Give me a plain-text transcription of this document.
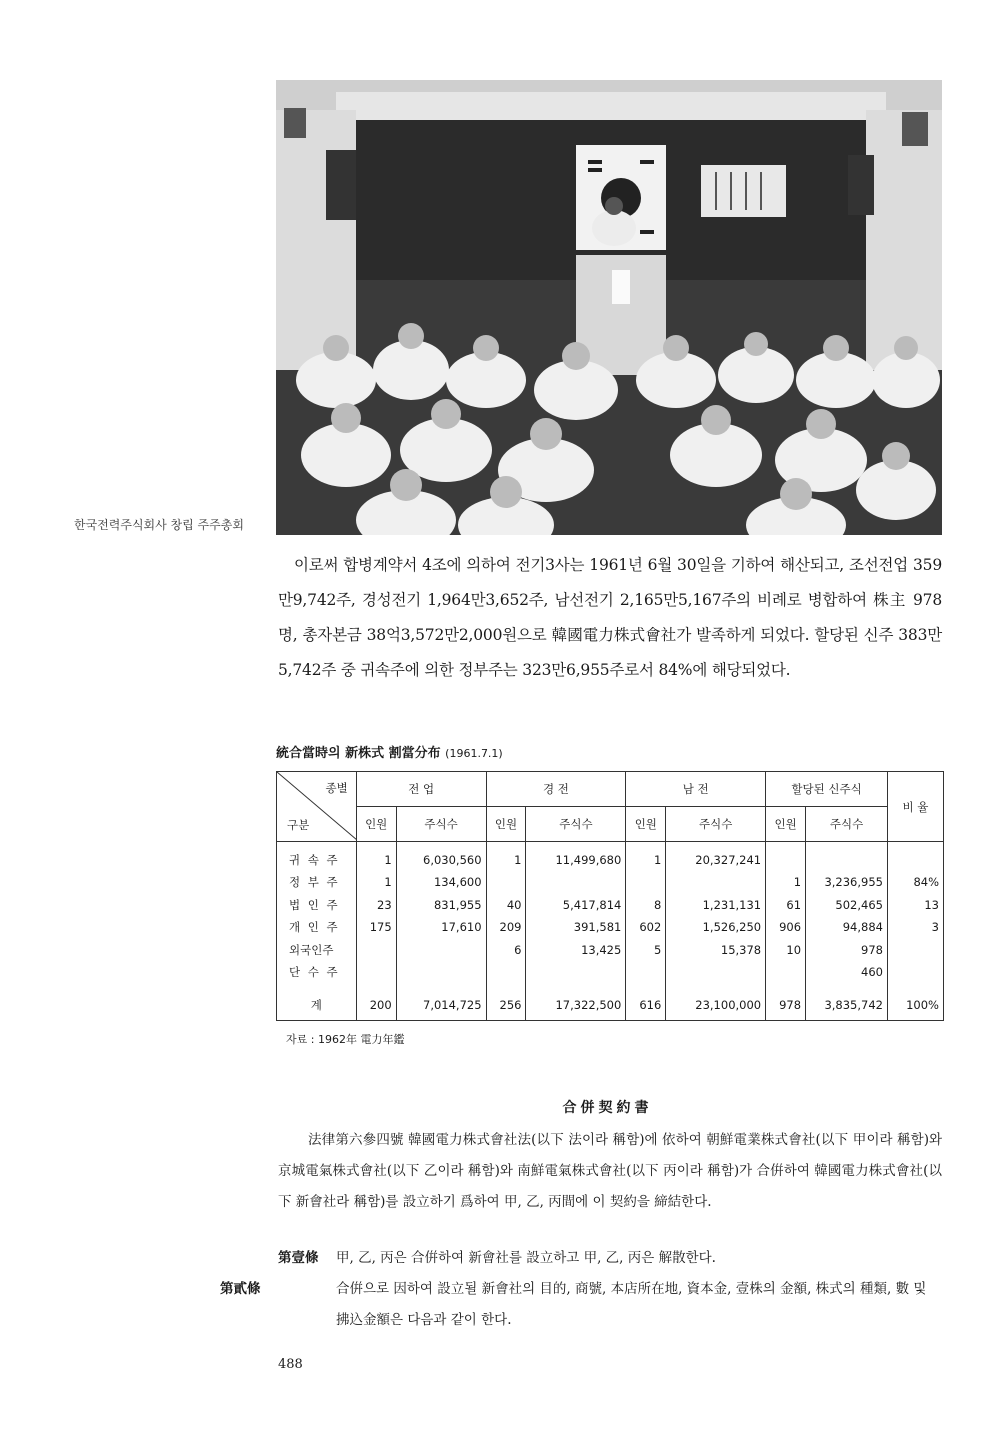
한국전력주식회사 창립 주주총회

이로써 합병계약서 4조에 의하여 전기3사는 1961년 6월 30일을 기하여 해산되고, 조선전업 359만9,742주, 경성전기 1,964만3,652주, 남선전기 2,165만5,167주의 비례로 병합하여 株主 978명, 총자본금 38억3,572만2,000원으로 韓國電力株式會社가 발족하게 되었다. 할당된 신주 383만5,742주 중 귀속주에 의한 정부주는 323만6,955주로서 84%에 해당되었다.

統合當時의 新株式 割當分布 (1961.7.1)
종별
구분	전 업		경 전		남 전		할당된 신주식		비 율
	인원	주식수	인원	주식수	인원	주식수	인원	주식수	
귀 속 주	1	6,030,560	1	11,499,680	1	20,327,241			
정 부 주	1	134,600					1	3,236,955	84%
법 인 주	23	831,955	40	5,417,814	8	1,231,131	61	502,465	13
개 인 주	175	17,610	209	391,581	602	1,526,250	906	94,884	3
외국인주			6	13,425	5	15,378	10	978	
단 수 주								460	
계	200	7,014,725	256	17,322,500	616	23,100,000	978	3,835,742	100%
자료 : 1962年 電力年鑑
合併契約書

法律第六參四號 韓國電力株式會社法(以下 法이라 稱함)에 依하여 朝鮮電業株式會社(以下 甲이라 稱함)와 京城電氣株式會社(以下 乙이라 稱함)와 南鮮電氣株式會社(以下 丙이라 稱함)가 合倂하여 韓國電力株式會社(以下 新會社라 稱함)를 設立하기 爲하여 甲, 乙, 丙間에 이 契約을 締結한다.

第壹條 甲, 乙, 丙은 合倂하여 新會社를 設立하고 甲, 乙, 丙은 解散한다.
第貳條	合倂으로 因하여 設立될 新會社의 目的, 商號, 本店所在地, 資本金, 壹株의 金額, 株式의 種類, 數 및 拂込金額은 다음과 같이 한다.
488
